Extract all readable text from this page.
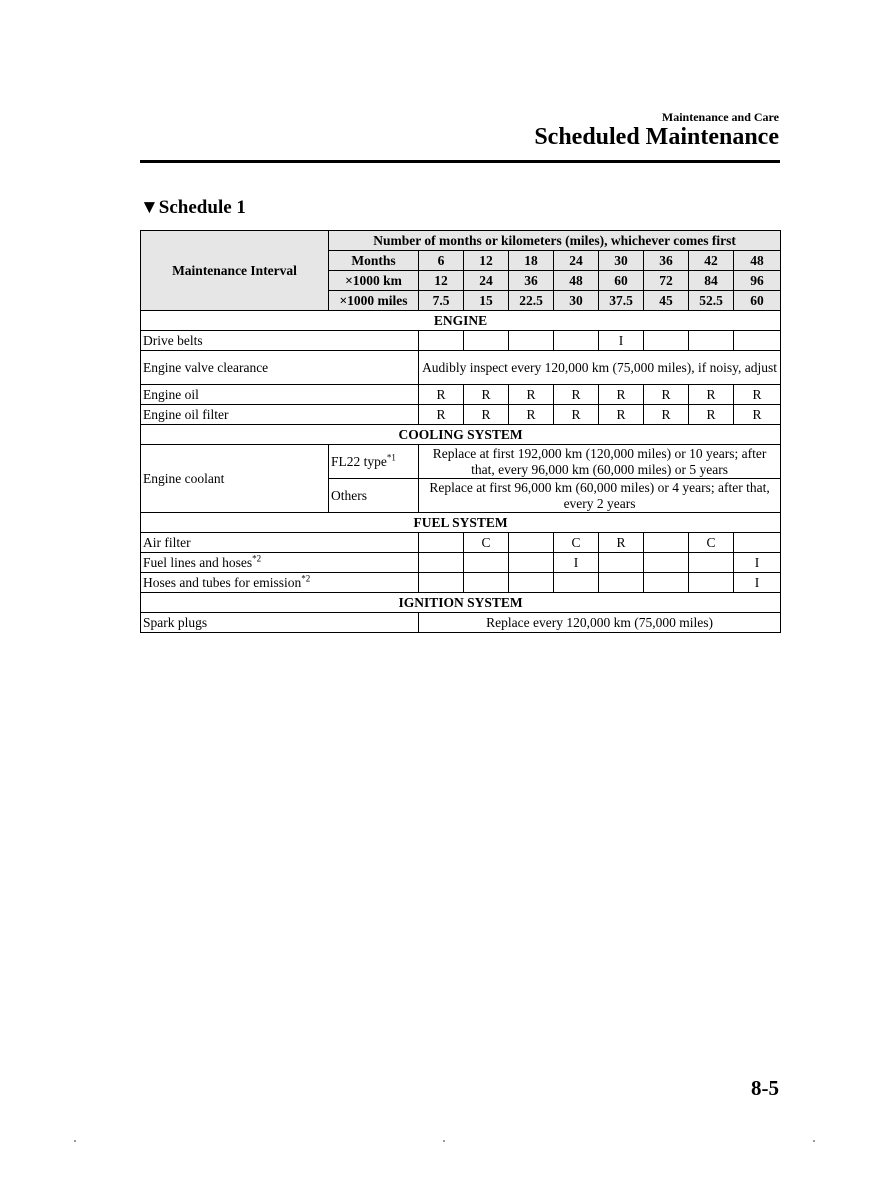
Maintenance and Care
Scheduled Maintenance
▼Schedule 1
Maintenance Interval	Number of months or kilometers (miles), whichever comes first								
	Months	6	12	18	24	30	36	42	48
	×1000 km	12	24	36	48	60	72	84	96
	×1000 miles	7.5	15	22.5	30	37.5	45	52.5	60
ENGINE									
Drive belts						I			
Engine valve clearance		Audibly inspect every 120,000 km (75,000 miles), if noisy, adjust							
Engine oil		R	R	R	R	R	R	R	R
Engine oil filter		R	R	R	R	R	R	R	R
COOLING SYSTEM									
Engine coolant	FL22 type$^{*1}$	Replace at first 192,000 km (120,000 miles) or 10 years; after that, every 96,000 km (60,000 miles) or 5 years							
	Others	Replace at first 96,000 km (60,000 miles) or 4 years; after that, every 2 years							
FUEL SYSTEM									
Air filter			C		C	R		C	
Fuel lines and hoses$^{*2}$					I				I
Hoses and tubes for emission$^{*2}$									I
IGNITION SYSTEM									
Spark plugs		Replace every 120,000 km (75,000 miles)							
8-5
